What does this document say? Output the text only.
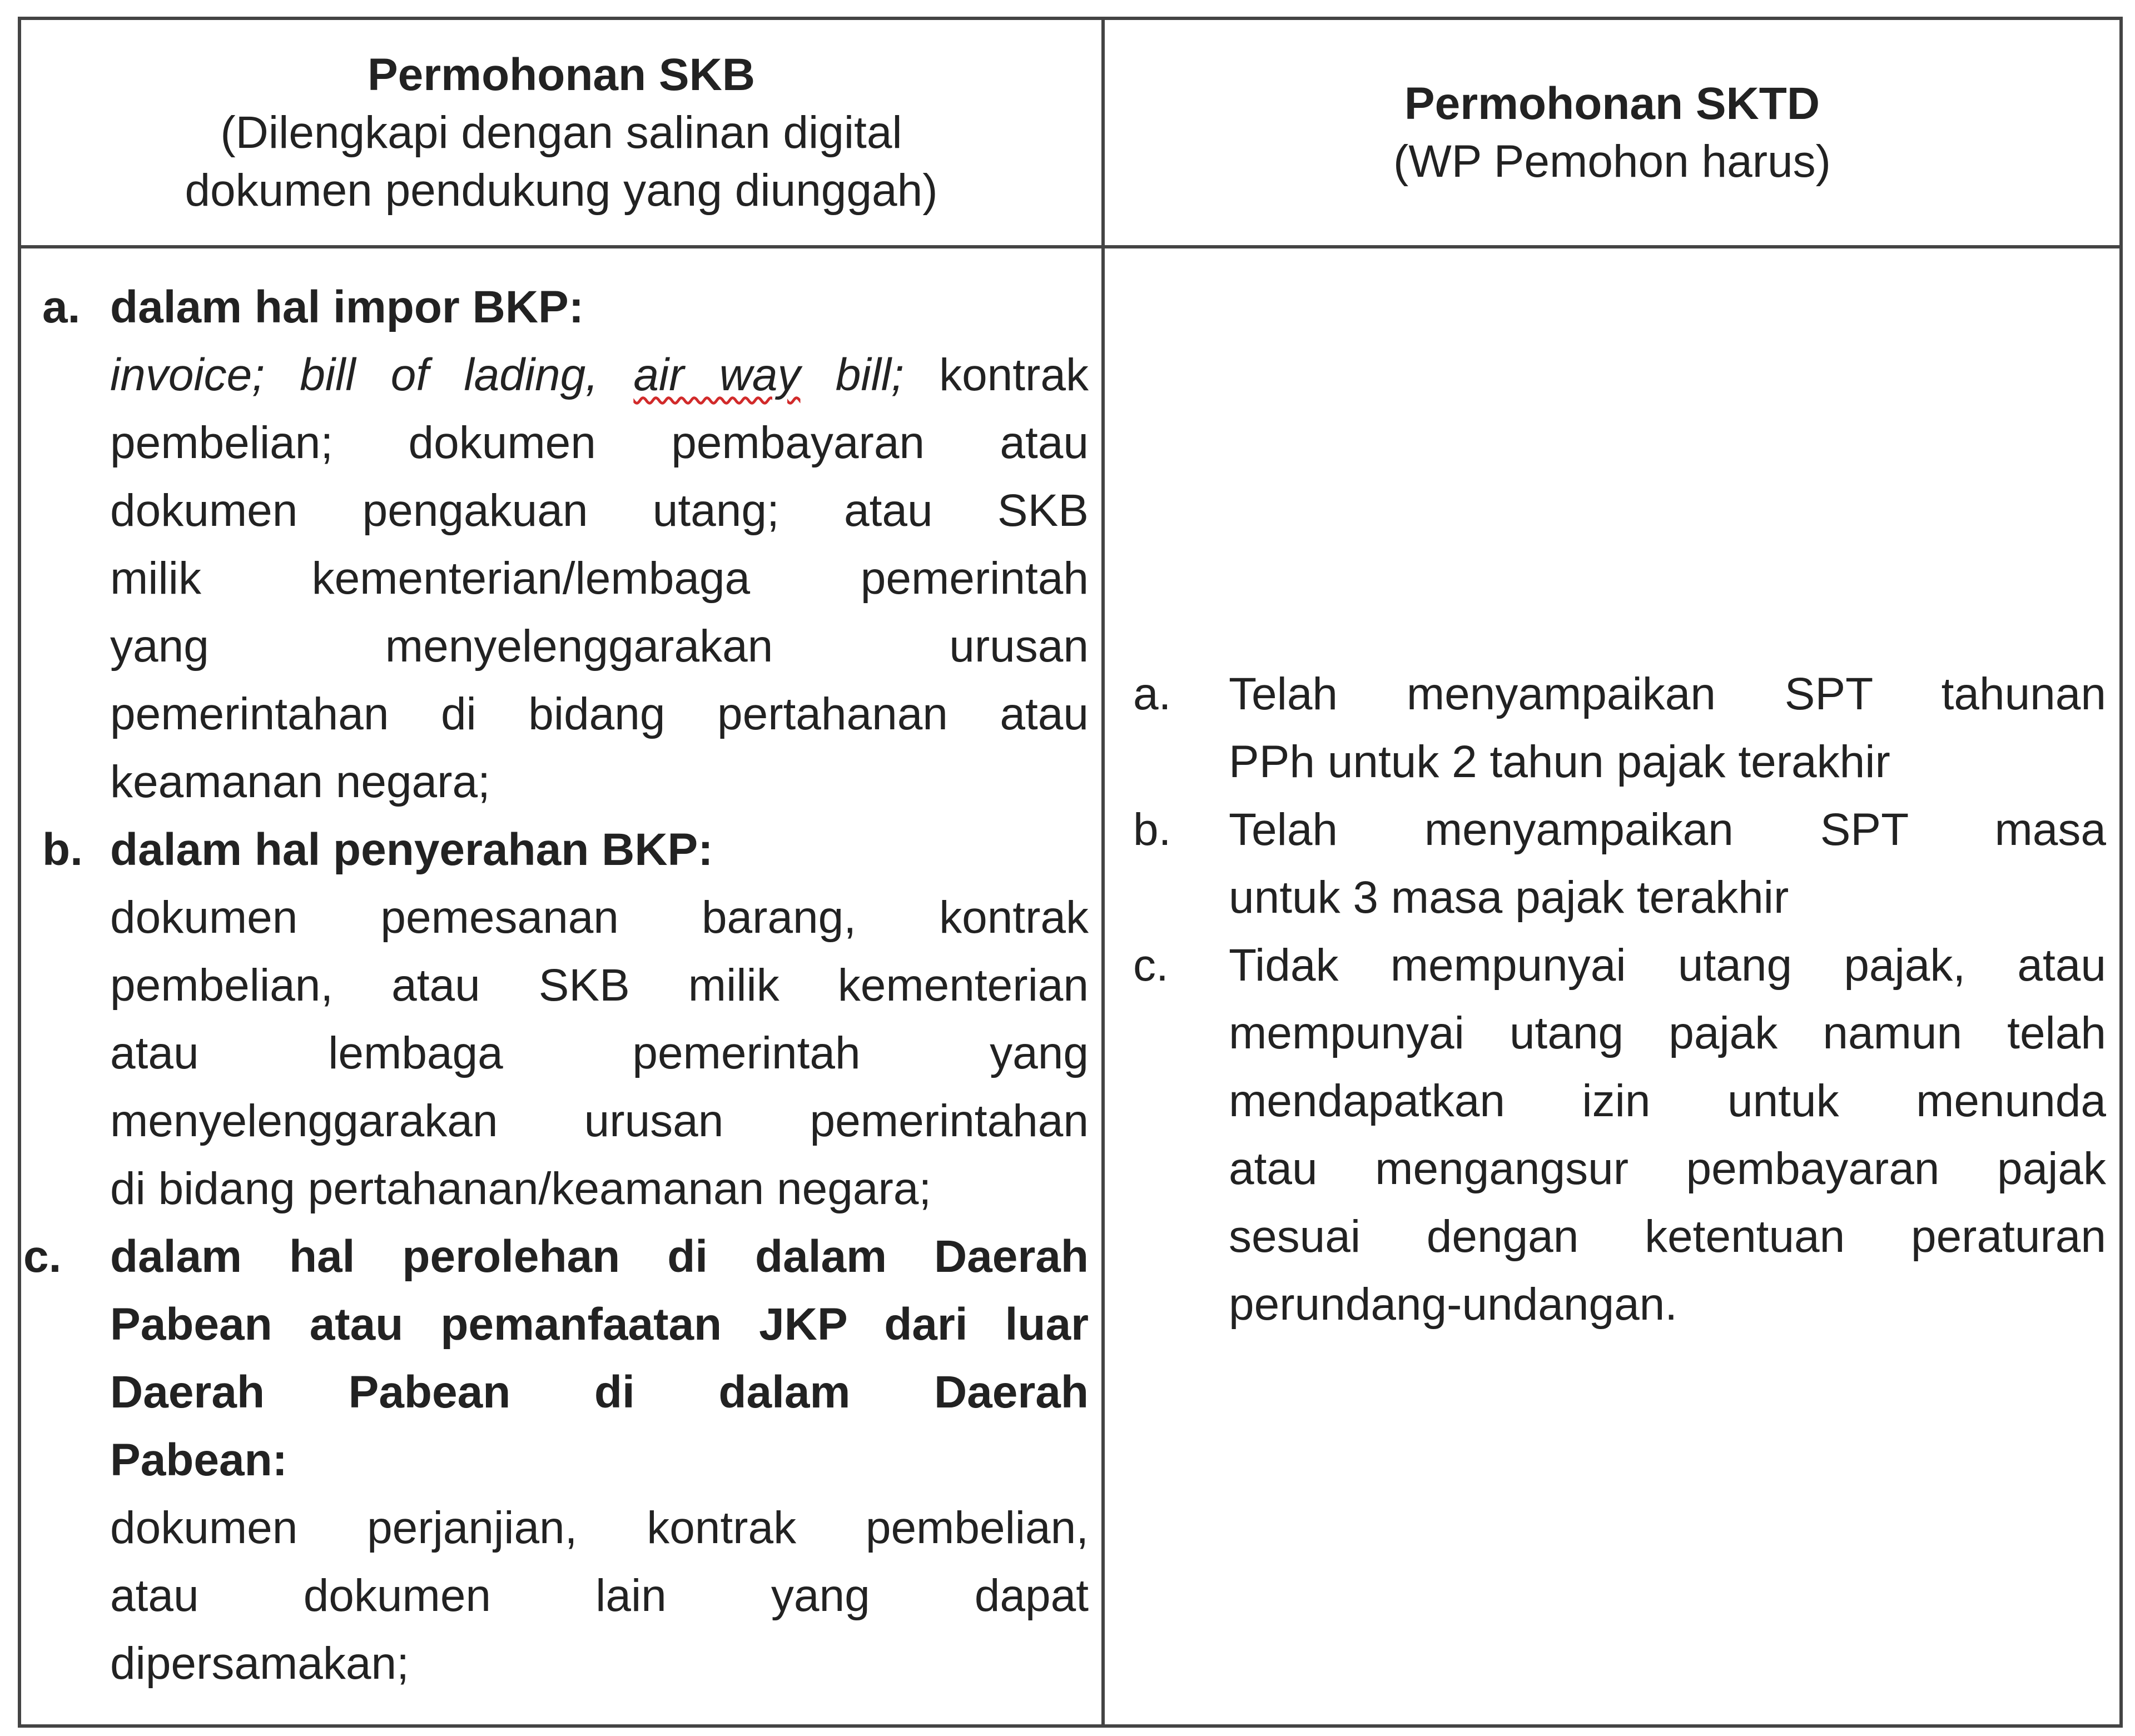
Permohonan SKB
(Dilengkapi dengan salinan digital
dokumen pendukung yang diunggah)
Permohonan SKTD
(WP Pemohon harus)
a. dalam hal impor BKP:
invoice; bill of lading, air way bill; kontrak
pembelian; dokumen pembayaran atau
dokumen pengakuan utang; atau SKB
milik kementerian/lembaga pemerintah
yang menyelenggarakan urusan
pemerintahan di bidang pertahanan atau
keamanan negara;
b. dalam hal penyerahan BKP:
dokumen pemesanan barang, kontrak
pembelian, atau SKB milik kementerian
atau lembaga pemerintah yang
menyelenggarakan urusan pemerintahan
di bidang pertahanan/keamanan negara;
c. dalam hal perolehan di dalam Daerah
Pabean atau pemanfaatan JKP dari luar
Daerah Pabean di dalam Daerah
Pabean:
dokumen perjanjian, kontrak pembelian,
atau dokumen lain yang dapat
dipersamakan;
a. Telah menyampaikan SPT tahunan
PPh untuk 2 tahun pajak terakhir
b. Telah menyampaikan SPT masa
untuk 3 masa pajak terakhir
c. Tidak mempunyai utang pajak, atau
mempunyai utang pajak namun telah
mendapatkan izin untuk menunda
atau mengangsur pembayaran pajak
sesuai dengan ketentuan peraturan
perundang-undangan.
